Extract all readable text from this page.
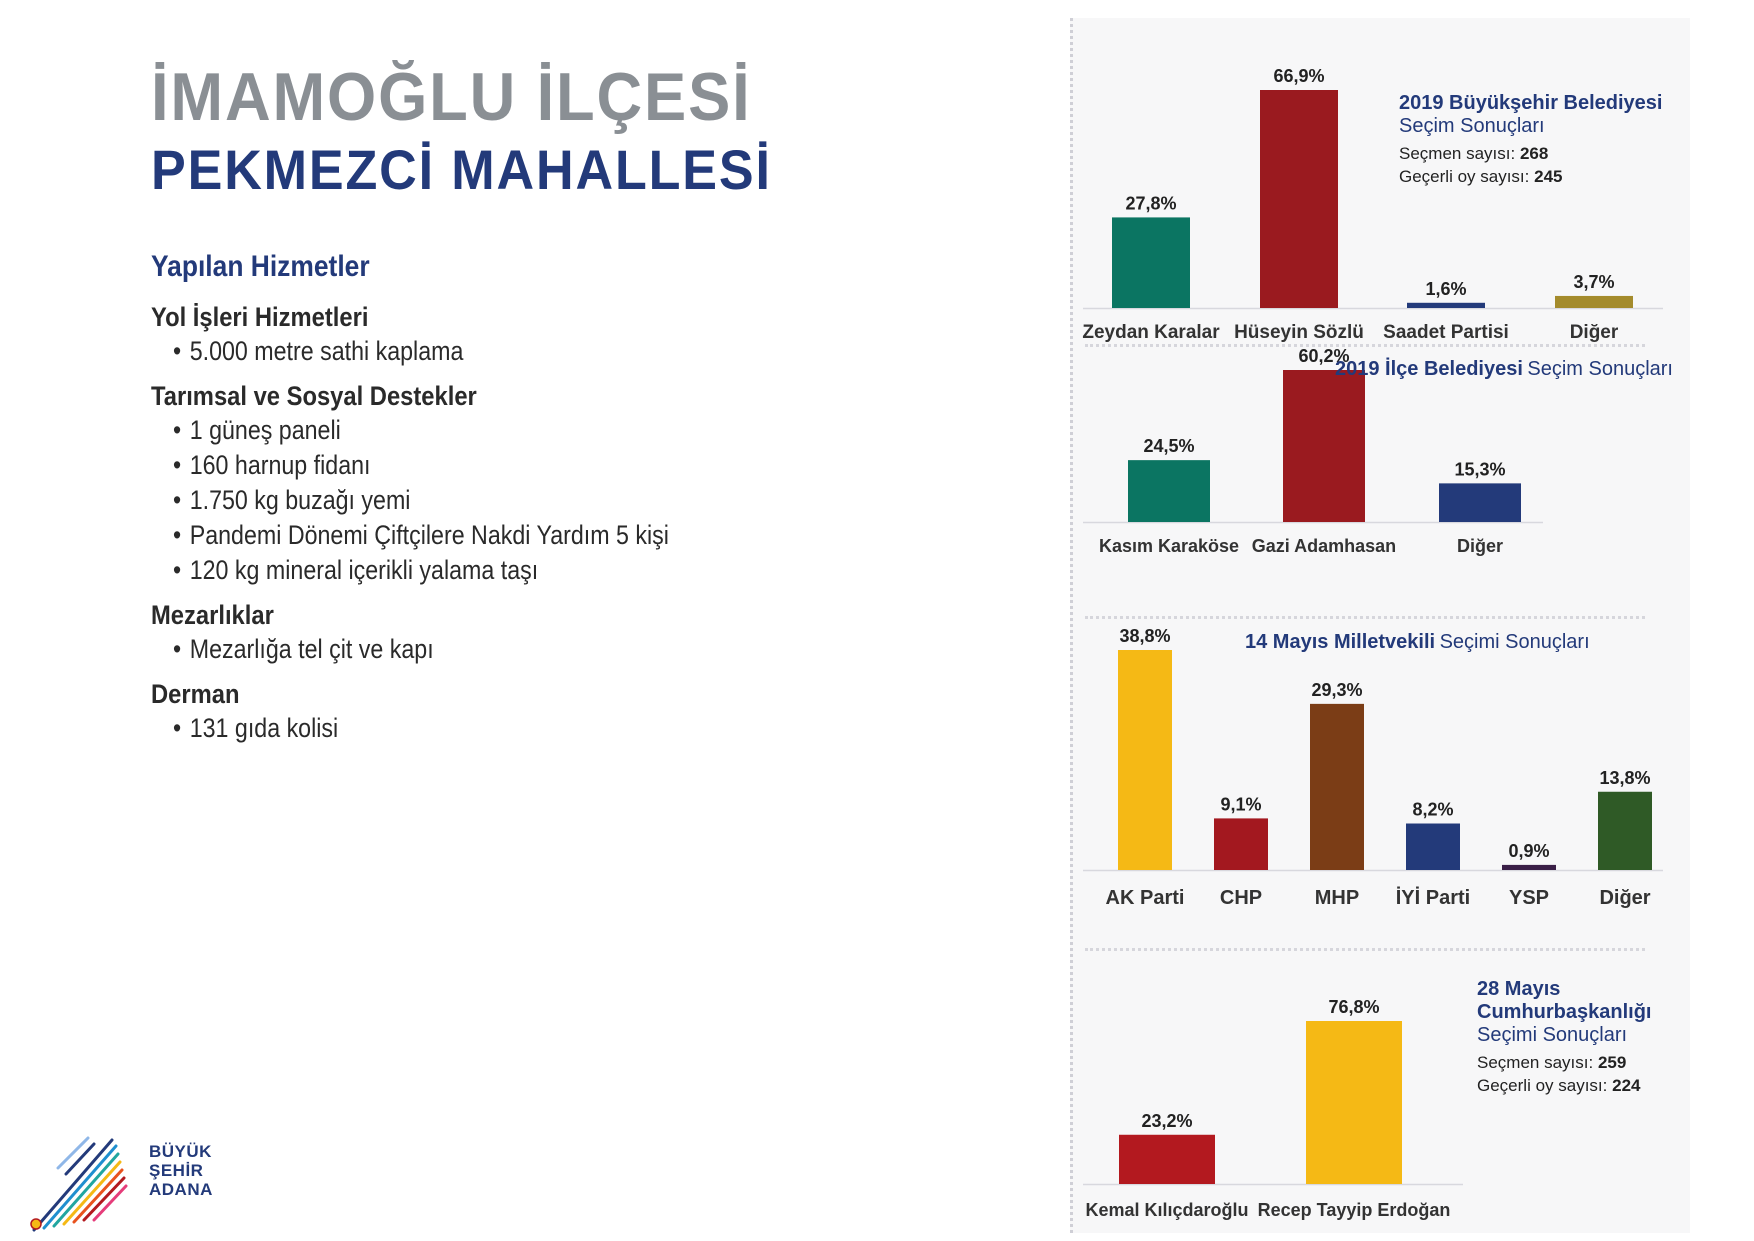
İMAMOĞLU İLÇESİ
PEKMEZCİ MAHALLESİ
Yapılan Hizmetler
Yol İşleri Hizmetleri
• 5.000 metre sathi kaplama
Tarımsal ve Sosyal Destekler
• 1 güneş paneli
• 160 harnup fidanı
• 1.750 kg buzağı yemi
• Pandemi Dönemi Çiftçilere Nakdi Yardım 5 kişi
• 120 kg mineral içerikli yalama taşı
Mezarlıklar
• Mezarlığa tel çit ve kapı
Derman
• 131 gıda kolisi
27,8%
Zeydan Karalar
66,9%
Hüseyin Sözlü
1,6%
Saadet Partisi
3,7%
Diğer
2019 Büyükşehir Belediyesi
Seçim Sonuçları
Seçmen sayısı: 268
Geçerli oy sayısı: 245
24,5%
Kasım Karaköse
60,2%
Gazi Adamhasan
15,3%
Diğer
2019 İlçe Belediyesi Seçim Sonuçları
38,8%
AK Parti
9,1%
CHP
29,3%
MHP
8,2%
İYİ Parti
0,9%
YSP
13,8%
Diğer
14 Mayıs Milletvekili Seçimi Sonuçları
23,2%
Kemal Kılıçdaroğlu
76,8%
Recep Tayyip Erdoğan
28 Mayıs
Cumhurbaşkanlığı
Seçimi Sonuçları
Seçmen sayısı: 259
Geçerli oy sayısı: 224
BÜYÜK
ŞEHİR
ADANA
